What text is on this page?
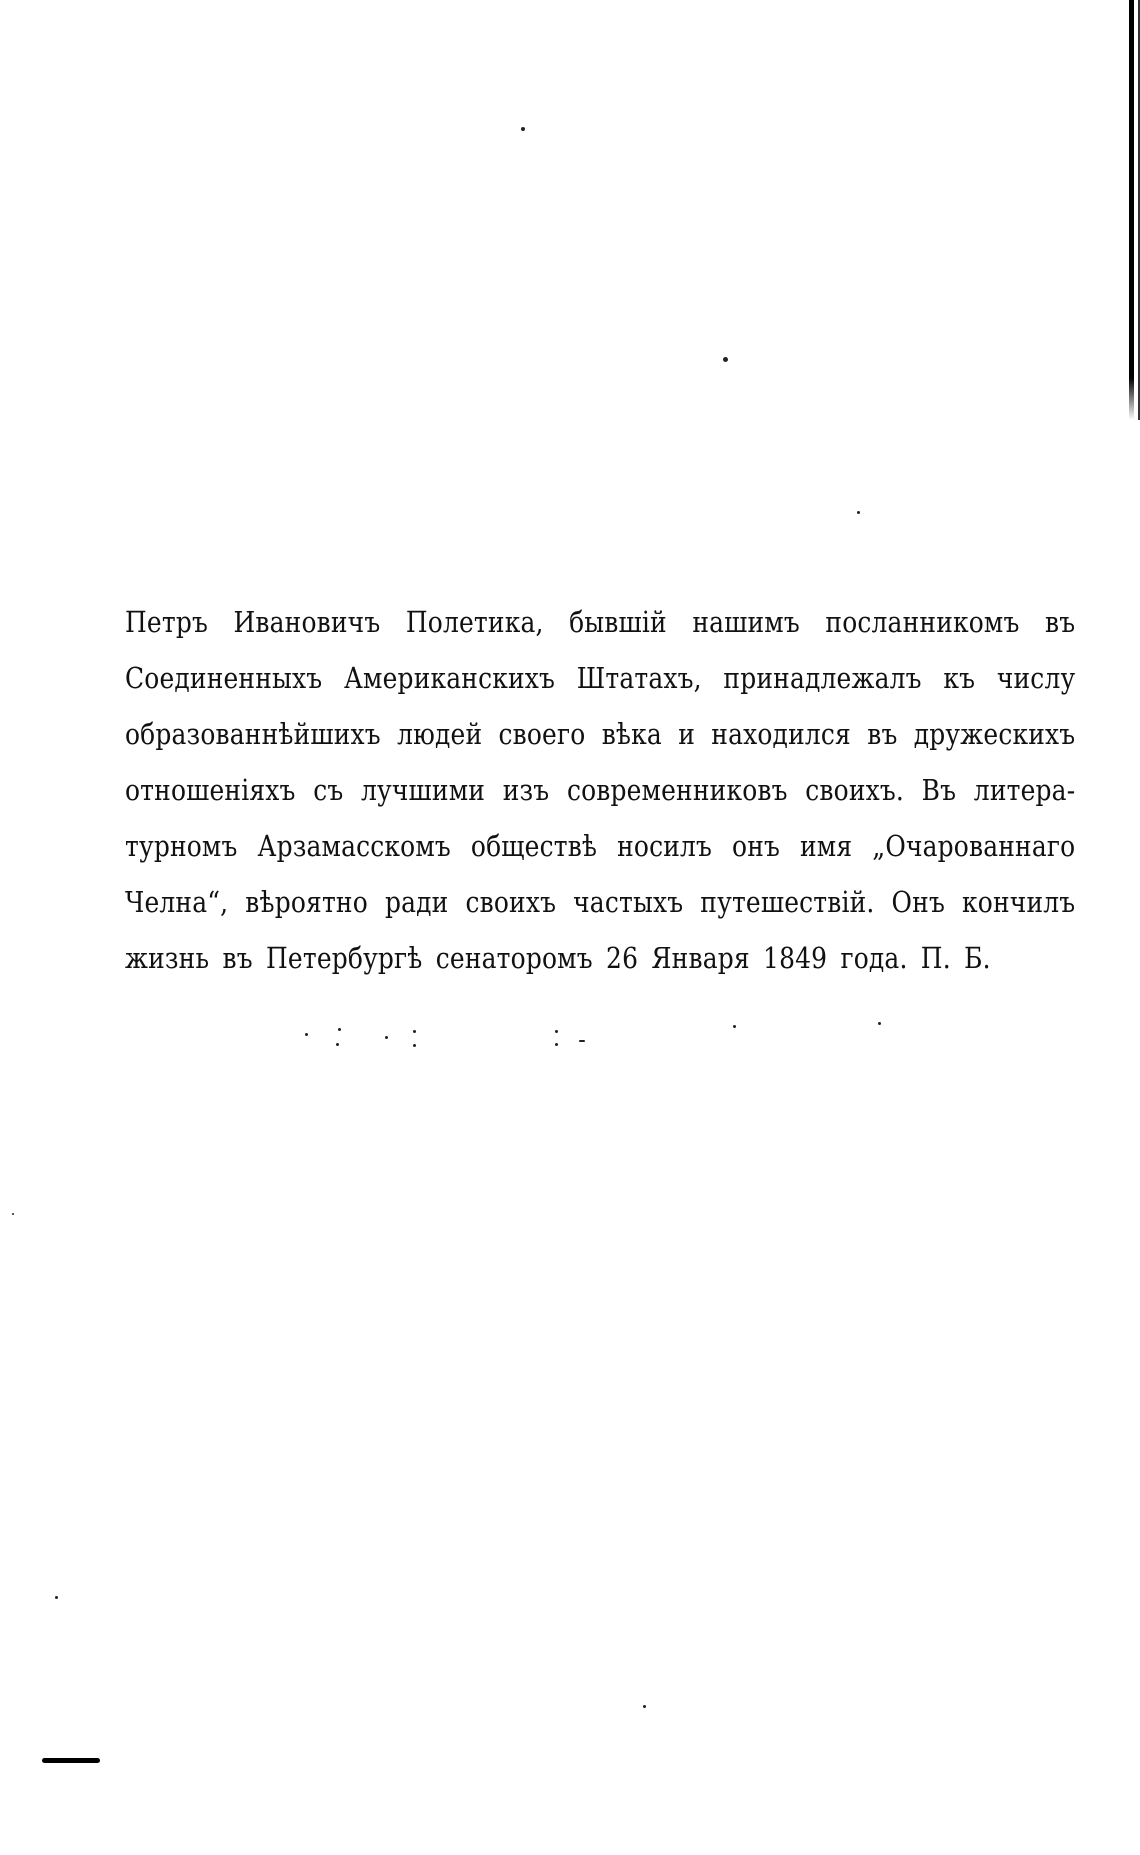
Петръ Ивановичъ Полетика, бывшій нашимъ посланникомъ въ
Соединенныхъ Американскихъ Штатахъ, принадлежалъ къ числу
образованнѣйшихъ людей своего вѣка и находился въ дружескихъ
отношеніяхъ съ лучшими изъ современниковъ своихъ. Въ литера-
турномъ Арзамасскомъ обществѣ носилъ онъ имя „Очарованнаго
Челна“, вѣроятно ради своихъ частыхъ путешествій. Онъ кончилъ
жизнь въ Петербургѣ сенаторомъ 26 Января 1849 года. П. Б.
